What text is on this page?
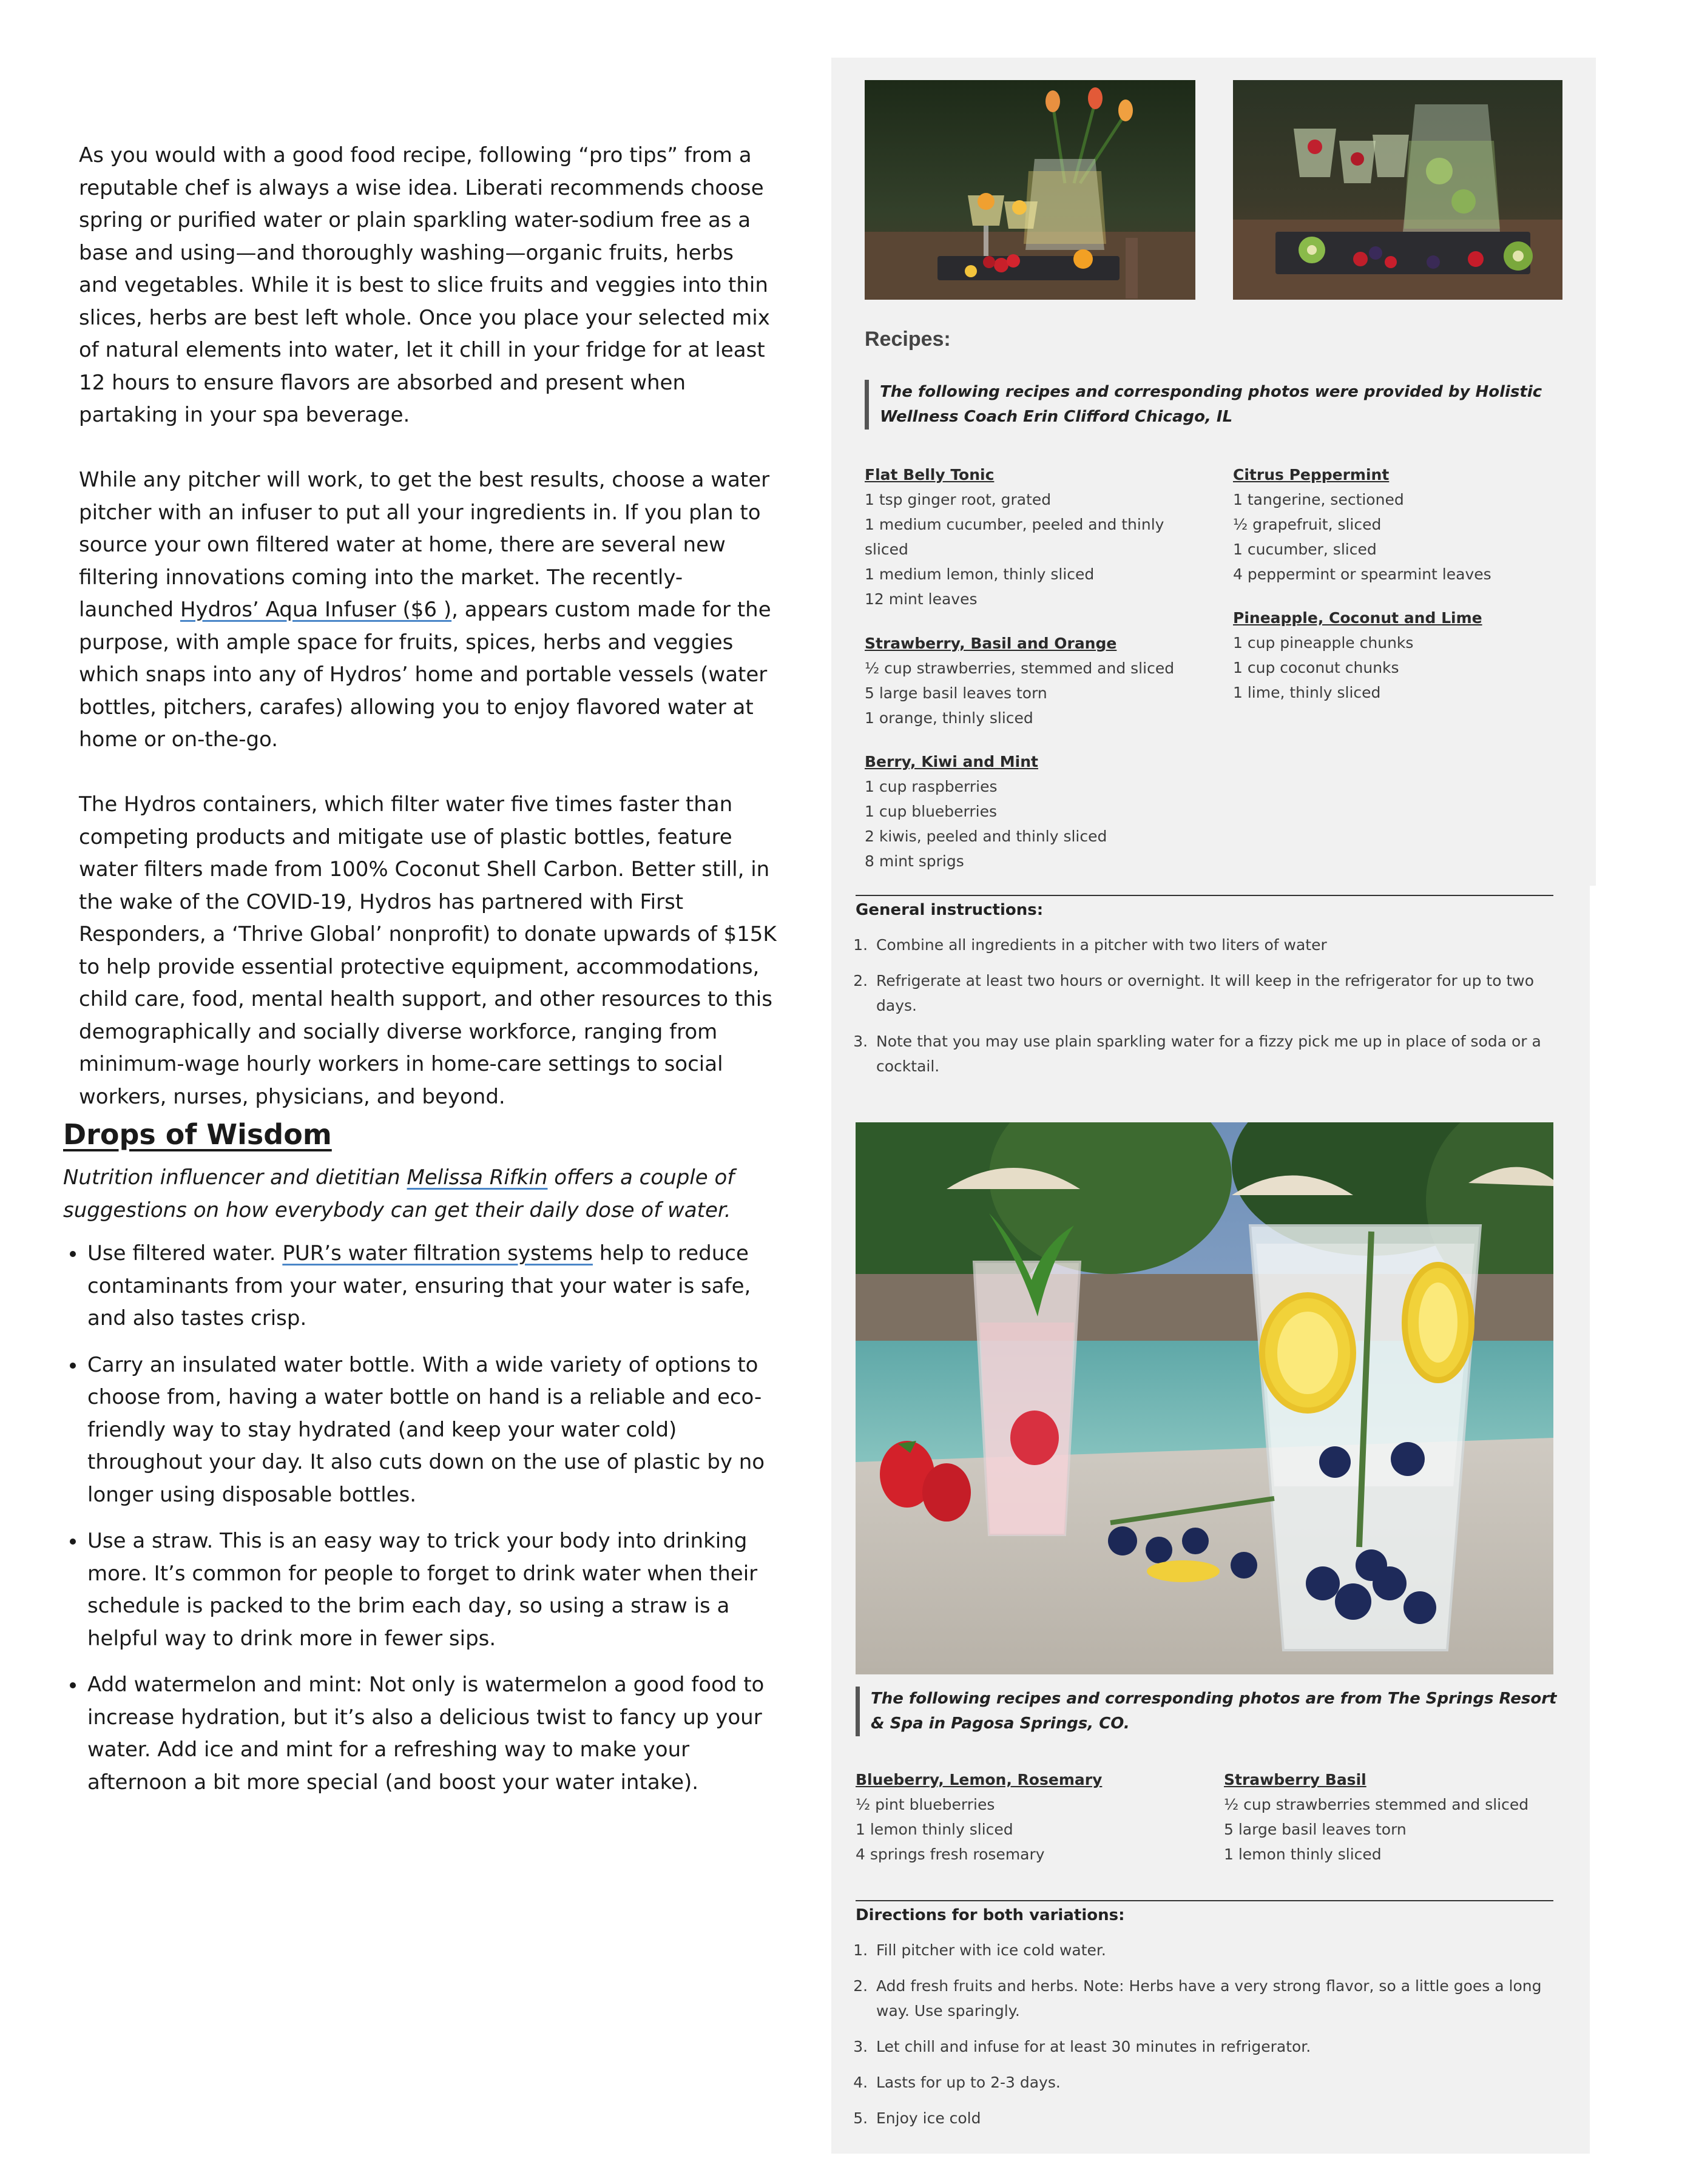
As you would with a good food recipe, following “pro tips” from a reputable chef is always a wise idea. Liberati recommends choose spring or purified water or plain sparkling water-sodium free as a base and using—and thoroughly washing—organic fruits, herbs and vegetables. While it is best to slice fruits and veggies into thin slices, herbs are best left whole. Once you place your selected mix of natural elements into water, let it chill in your fridge for at least 12 hours to ensure flavors are absorbed and present when partaking in your spa beverage.

While any pitcher will work, to get the best results, choose a water pitcher with an infuser to put all your ingredients in. If you plan to source your own filtered water at home, there are several new filtering innovations coming into the market. The recently-launched Hydros’ Aqua Infuser ($6 ), appears custom made for the purpose, with ample space for fruits, spices, herbs and veggies which snaps into any of Hydros’ home and portable vessels (water bottles, pitchers, carafes) allowing you to enjoy flavored water at home or on-the-go.

The Hydros containers, which filter water five times faster than competing products and mitigate use of plastic bottles, feature water filters made from 100% Coconut Shell Carbon. Better still, in the wake of the COVID-19, Hydros has partnered with First Responders, a ‘Thrive Global’ nonprofit) to donate upwards of $15K to help provide essential protective equipment, accommodations, child care, food, mental health support, and other resources to this demographically and socially diverse workforce, ranging from minimum-wage hourly workers in home-care settings to social workers, nurses, physicians, and beyond.

Drops of Wisdom

Nutrition influencer and dietitian Melissa Rifkin offers a couple of suggestions on how everybody can get their daily dose of water.

• Use filtered water. PUR’s water filtration systems help to reduce contaminants from your water, ensuring that your water is safe, and also tastes crisp.
• Carry an insulated water bottle. With a wide variety of options to choose from, having a water bottle on hand is a reliable and eco-friendly way to stay hydrated (and keep your water cold) throughout your day. It also cuts down on the use of plastic by no longer using disposable bottles.
• Use a straw. This is an easy way to trick your body into drinking more. It’s common for people to forget to drink water when their schedule is packed to the brim each day, so using a straw is a helpful way to drink more in fewer sips.
• Add watermelon and mint: Not only is watermelon a good food to increase hydration, but it’s also a delicious twist to fancy up your water. Add ice and mint for a refreshing way to make your afternoon a bit more special (and boost your water intake).
Recipes:
The following recipes and corresponding photos were provided by Holistic Wellness Coach Erin Clifford Chicago, IL
Flat Belly Tonic
1 tsp ginger root, grated
1 medium cucumber, peeled and thinly sliced
1 medium lemon, thinly sliced
12 mint leaves
Strawberry, Basil and Orange
½ cup strawberries, stemmed and sliced
5 large basil leaves torn
1 orange, thinly sliced
Berry, Kiwi and Mint
1 cup raspberries
1 cup blueberries
2 kiwis, peeled and thinly sliced
8 mint sprigs
Citrus Peppermint
1 tangerine, sectioned
½ grapefruit, sliced
1 cucumber, sliced
4 peppermint or spearmint leaves
Pineapple, Coconut and Lime
1 cup pineapple chunks
1 cup coconut chunks
1 lime, thinly sliced
General instructions:
1. Combine all ingredients in a pitcher with two liters of water
2. Refrigerate at least two hours or overnight. It will keep in the refrigerator for up to two days.
3. Note that you may use plain sparkling water for a fizzy pick me up in place of soda or a cocktail.
The following recipes and corresponding photos are from The Springs Resort & Spa in Pagosa Springs, CO.
Blueberry, Lemon, Rosemary
½ pint blueberries
1 lemon thinly sliced
4 springs fresh rosemary
Strawberry Basil
½ cup strawberries stemmed and sliced
5 large basil leaves torn
1 lemon thinly sliced
Directions for both variations:
1. Fill pitcher with ice cold water.
2. Add fresh fruits and herbs. Note: Herbs have a very strong flavor, so a little goes a long way. Use sparingly.
3. Let chill and infuse for at least 30 minutes in refrigerator.
4. Lasts for up to 2-3 days.
5. Enjoy ice cold
